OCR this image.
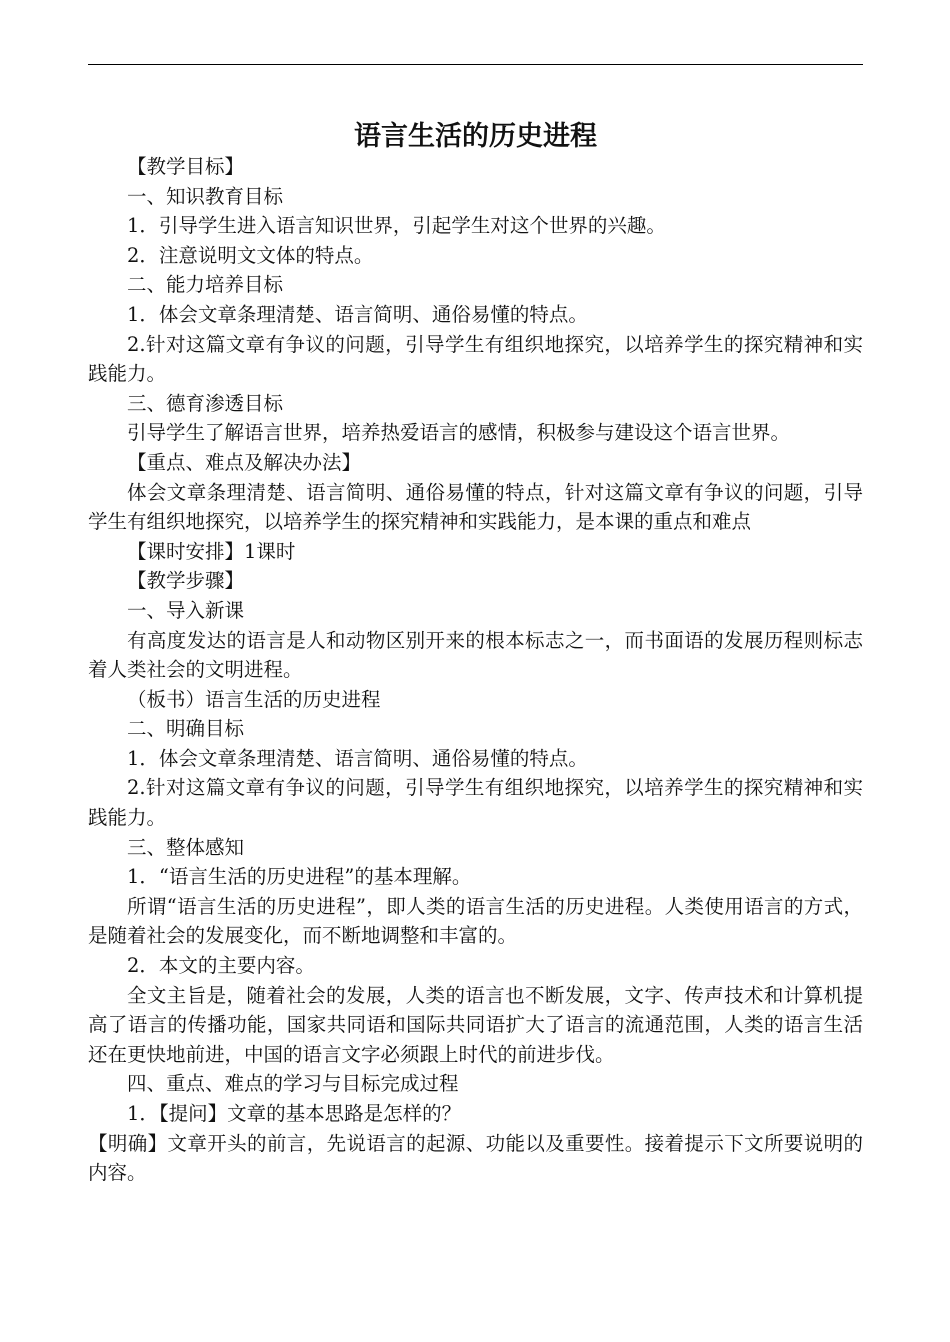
语言生活的历史进程

【教学目标】

一、知识教育目标

1．引导学生进入语言知识世界，引起学生对这个世界的兴趣。

2．注意说明文文体的特点。

二、能力培养目标

1．体会文章条理清楚、语言简明、通俗易懂的特点。

2.针对这篇文章有争议的问题，引导学生有组织地探究，以培养学生的探究精神和实践能力。

三、德育渗透目标

引导学生了解语言世界，培养热爱语言的感情，积极参与建设这个语言世界。

【重点、难点及解决办法】

体会文章条理清楚、语言简明、通俗易懂的特点，针对这篇文章有争议的问题，引导学生有组织地探究，以培养学生的探究精神和实践能力，是本课的重点和难点

【课时安排】1课时

【教学步骤】

一、导入新课

有高度发达的语言是人和动物区别开来的根本标志之一，而书面语的发展历程则标志着人类社会的文明进程。

（板书）语言生活的历史进程

二、明确目标

1．体会文章条理清楚、语言简明、通俗易懂的特点。

2.针对这篇文章有争议的问题，引导学生有组织地探究，以培养学生的探究精神和实践能力。

三、整体感知

1．“语言生活的历史进程”的基本理解。

所谓“语言生活的历史进程”，即人类的语言生活的历史进程。人类使用语言的方式，是随着社会的发展变化，而不断地调整和丰富的。

2．本文的主要内容。

全文主旨是，随着社会的发展，人类的语言也不断发展，文字、传声技术和计算机提高了语言的传播功能，国家共同语和国际共同语扩大了语言的流通范围，人类的语言生活还在更快地前进，中国的语言文字必须跟上时代的前进步伐。

四、重点、难点的学习与目标完成过程

1．【提问】文章的基本思路是怎样的？

【明确】文章开头的前言，先说语言的起源、功能以及重要性。接着提示下文所要说明的内容。
